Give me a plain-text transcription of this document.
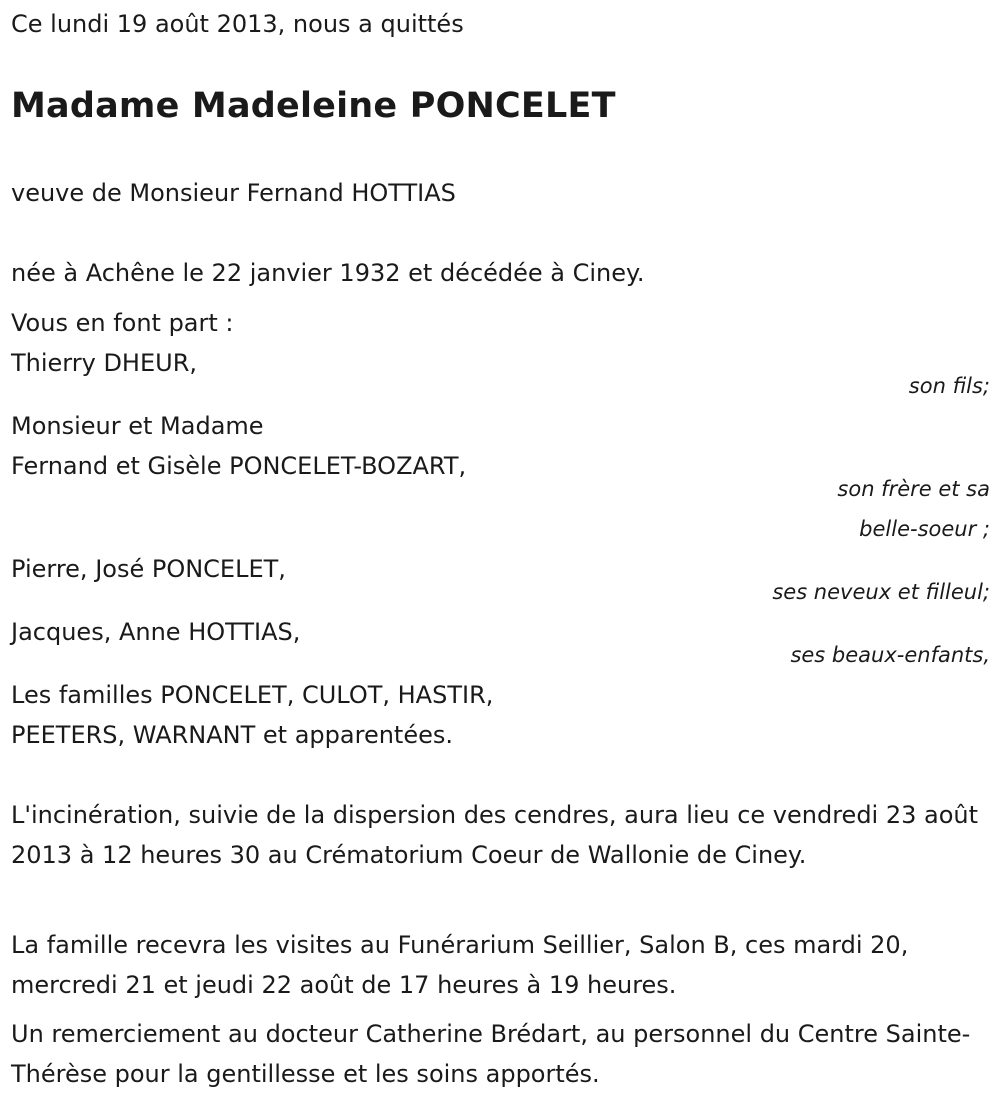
Ce lundi 19 août 2013, nous a quittés
Madame Madeleine PONCELET
veuve de Monsieur Fernand HOTTIAS
née à Achêne le 22 janvier 1932 et décédée à Ciney.
Vous en font part :
Thierry DHEUR,
son fils;
Monsieur et Madame
Fernand et Gisèle PONCELET-BOZART,
son frère et sa
belle-soeur ;
Pierre, José PONCELET,
ses neveux et filleul;
Jacques, Anne HOTTIAS,
ses beaux-enfants,
Les familles PONCELET, CULOT, HASTIR,
PEETERS, WARNANT et apparentées.
L'incinération, suivie de la dispersion des cendres, aura lieu ce vendredi 23 août 2013 à 12 heures 30 au Crématorium Coeur de Wallonie de Ciney.
La famille recevra les visites au Funérarium Seillier, Salon B, ces mardi 20, mercredi 21 et jeudi 22 août de 17 heures à 19 heures.
Un remerciement au docteur Catherine Brédart, au personnel du Centre Sainte-Thérèse pour la gentillesse et les soins apportés.
